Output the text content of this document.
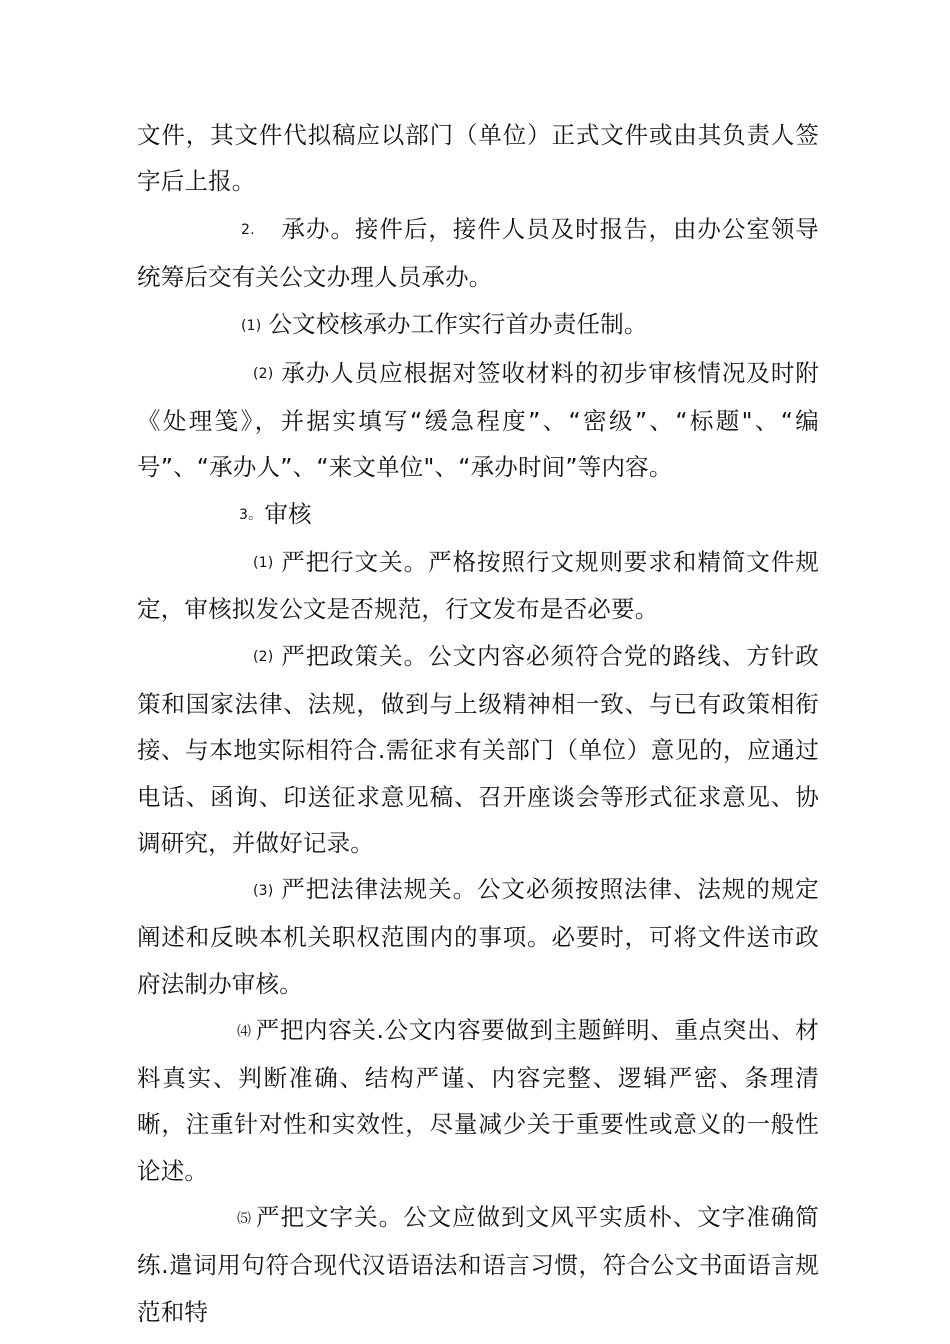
文件，其文件代拟稿应以部门（单位）正式文件或由其负责人签字后上报。

2. 承办。接件后，接件人员及时报告，由办公室领导统筹后交有关公文办理人员承办。

(1) 公文校核承办工作实行首办责任制。

(2) 承办人员应根据对签收材料的初步审核情况及时附《处理笺》，并据实填写“缓急程度”、“密级”、“标题"、“编号”、“承办人”、“来文单位"、“承办时间”等内容。

3。审核

(1) 严把行文关。严格按照行文规则要求和精简文件规定，审核拟发公文是否规范，行文发布是否必要。

(2) 严把政策关。公文内容必须符合党的路线、方针政策和国家法律、法规，做到与上级精神相一致、与已有政策相衔接、与本地实际相符合.需征求有关部门（单位）意见的，应通过电话、函询、印送征求意见稿、召开座谈会等形式征求意见、协调研究，并做好记录。

(3) 严把法律法规关。公文必须按照法律、法规的规定阐述和反映本机关职权范围内的事项。必要时，可将文件送市政府法制办审核。

⑷ 严把内容关.公文内容要做到主题鲜明、重点突出、材料真实、判断准确、结构严谨、内容完整、逻辑严密、条理清晰，注重针对性和实效性，尽量减少关于重要性或意义的一般性论述。

⑸ 严把文字关。公文应做到文风平实质朴、文字准确简练.遣词用句符合现代汉语语法和语言习惯，符合公文书面语言规范和特
